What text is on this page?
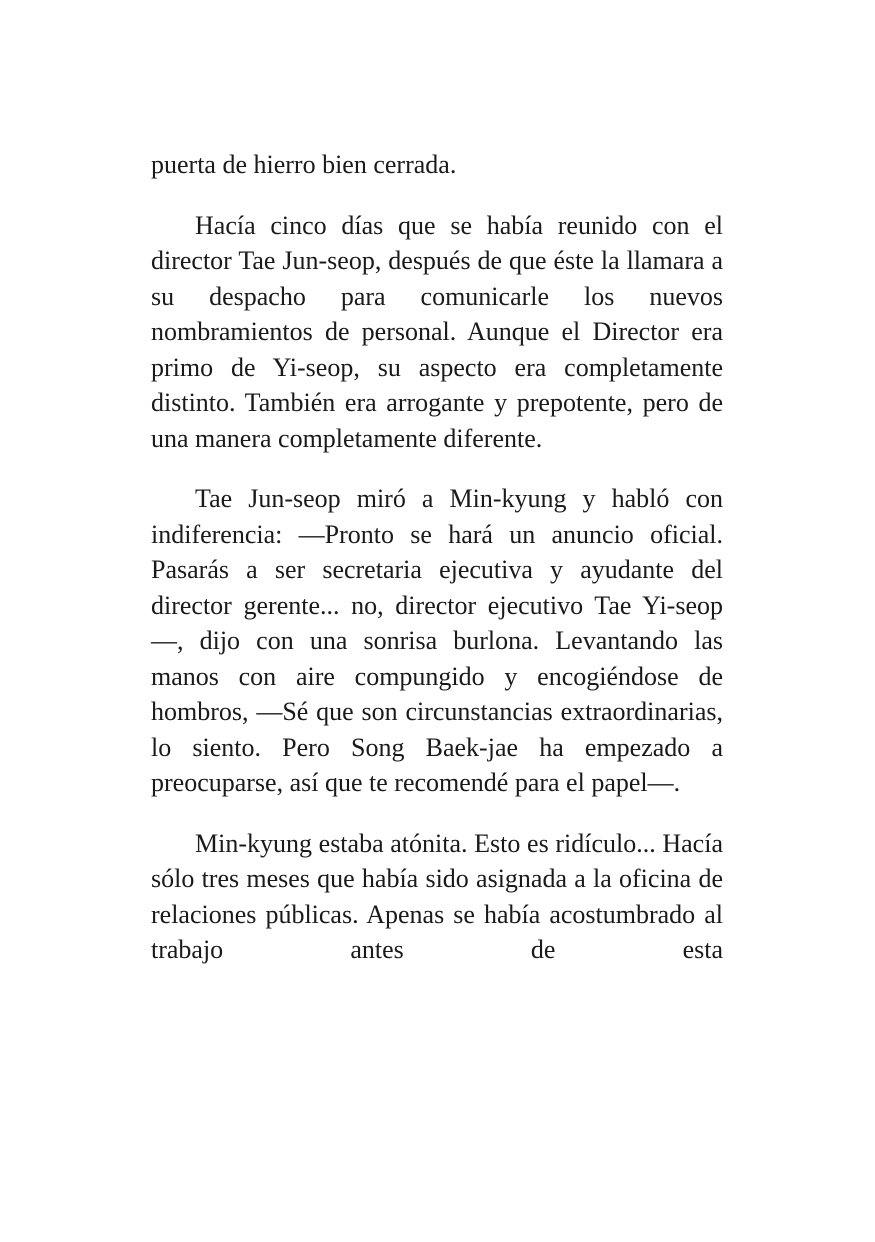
puerta de hierro bien cerrada.

Hacía cinco días que se había reunido con el director Tae Jun-seop, después de que éste la llamara a su despacho para comunicarle los nuevos nombramientos de personal. Aunque el Director era primo de Yi-seop, su aspecto era completamente distinto. También era arrogante y prepotente, pero de una manera completamente diferente.

Tae Jun-seop miró a Min-kyung y habló con indiferencia: —Pronto se hará un anuncio oficial. Pasarás a ser secretaria ejecutiva y ayudante del director gerente... no, director ejecutivo Tae Yi-seop—, dijo con una sonrisa burlona. Levantando las manos con aire compungido y encogiéndose de hombros, —Sé que son circunstancias extraordinarias, lo siento. Pero Song Baek-jae ha empezado a preocuparse, así que te recomendé para el papel—.

Min-kyung estaba atónita. Esto es ridículo... Hacía sólo tres meses que había sido asignada a la oficina de relaciones públicas. Apenas se había acostumbrado al trabajo antes de esta
